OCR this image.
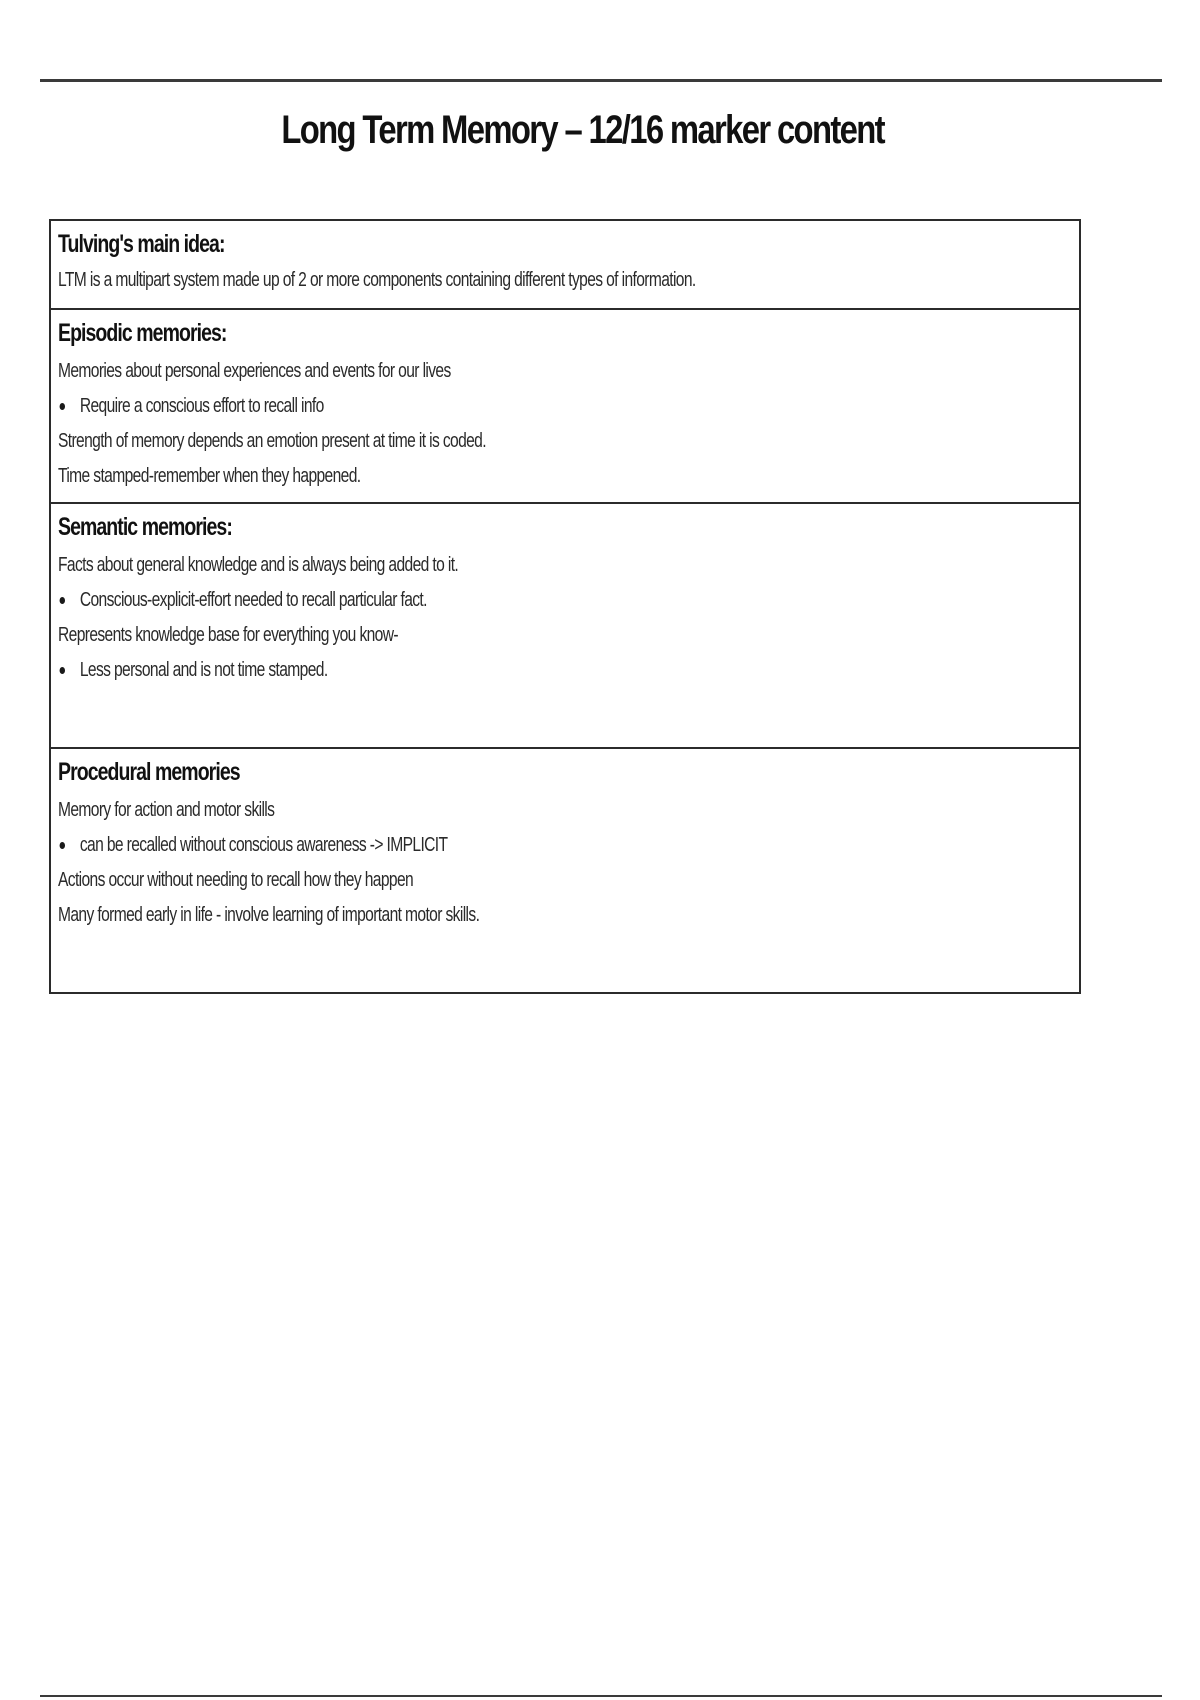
Long Term Memory – 12/16 marker content
Tulving's main idea:
LTM is a multipart system made up of 2 or more components containing different types of information.
Episodic memories:
Memories about personal experiences and events for our lives
Require a conscious effort to recall info
Strength of memory depends an emotion present at time it is coded.
Time stamped-remember when they happened.
Semantic memories:
Facts about general knowledge and is always being added to it.
Conscious-explicit-effort needed to recall particular fact.
Represents knowledge base for everything you know-
Less personal and is not time stamped.
Procedural memories
Memory for action and motor skills
can be recalled without conscious awareness -> IMPLICIT
Actions occur without needing to recall how they happen
Many formed early in life - involve learning of important motor skills.
